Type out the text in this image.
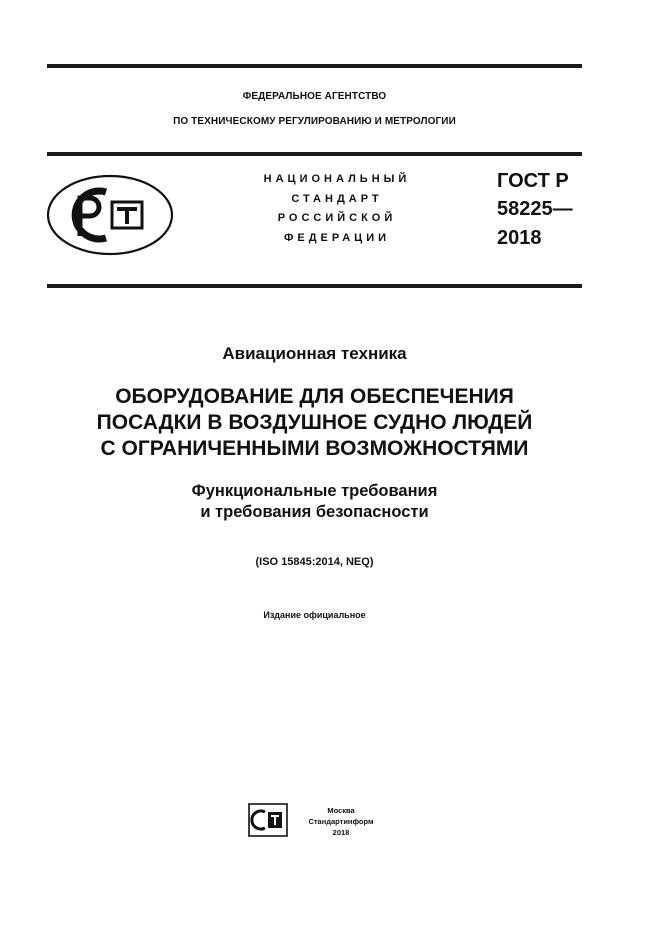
ФЕДЕРАЛЬНОЕ АГЕНТСТВО
ПО ТЕХНИЧЕСКОМУ РЕГУЛИРОВАНИЮ И МЕТРОЛОГИИ
НАЦИОНАЛЬНЫЙ
СТАНДАРТ
РОССИЙСКОЙ
ФЕДЕРАЦИИ
ГОСТ Р
58225—
2018
Авиационная техника
ОБОРУДОВАНИЕ ДЛЯ ОБЕСПЕЧЕНИЯ
ПОСАДКИ В ВОЗДУШНОЕ СУДНО ЛЮДЕЙ
С ОГРАНИЧЕННЫМИ ВОЗМОЖНОСТЯМИ
Функциональные требования
и требования безопасности
(ISO 15845:2014, NEQ)
Издание официальное
Москва
Стандартинформ
2018
